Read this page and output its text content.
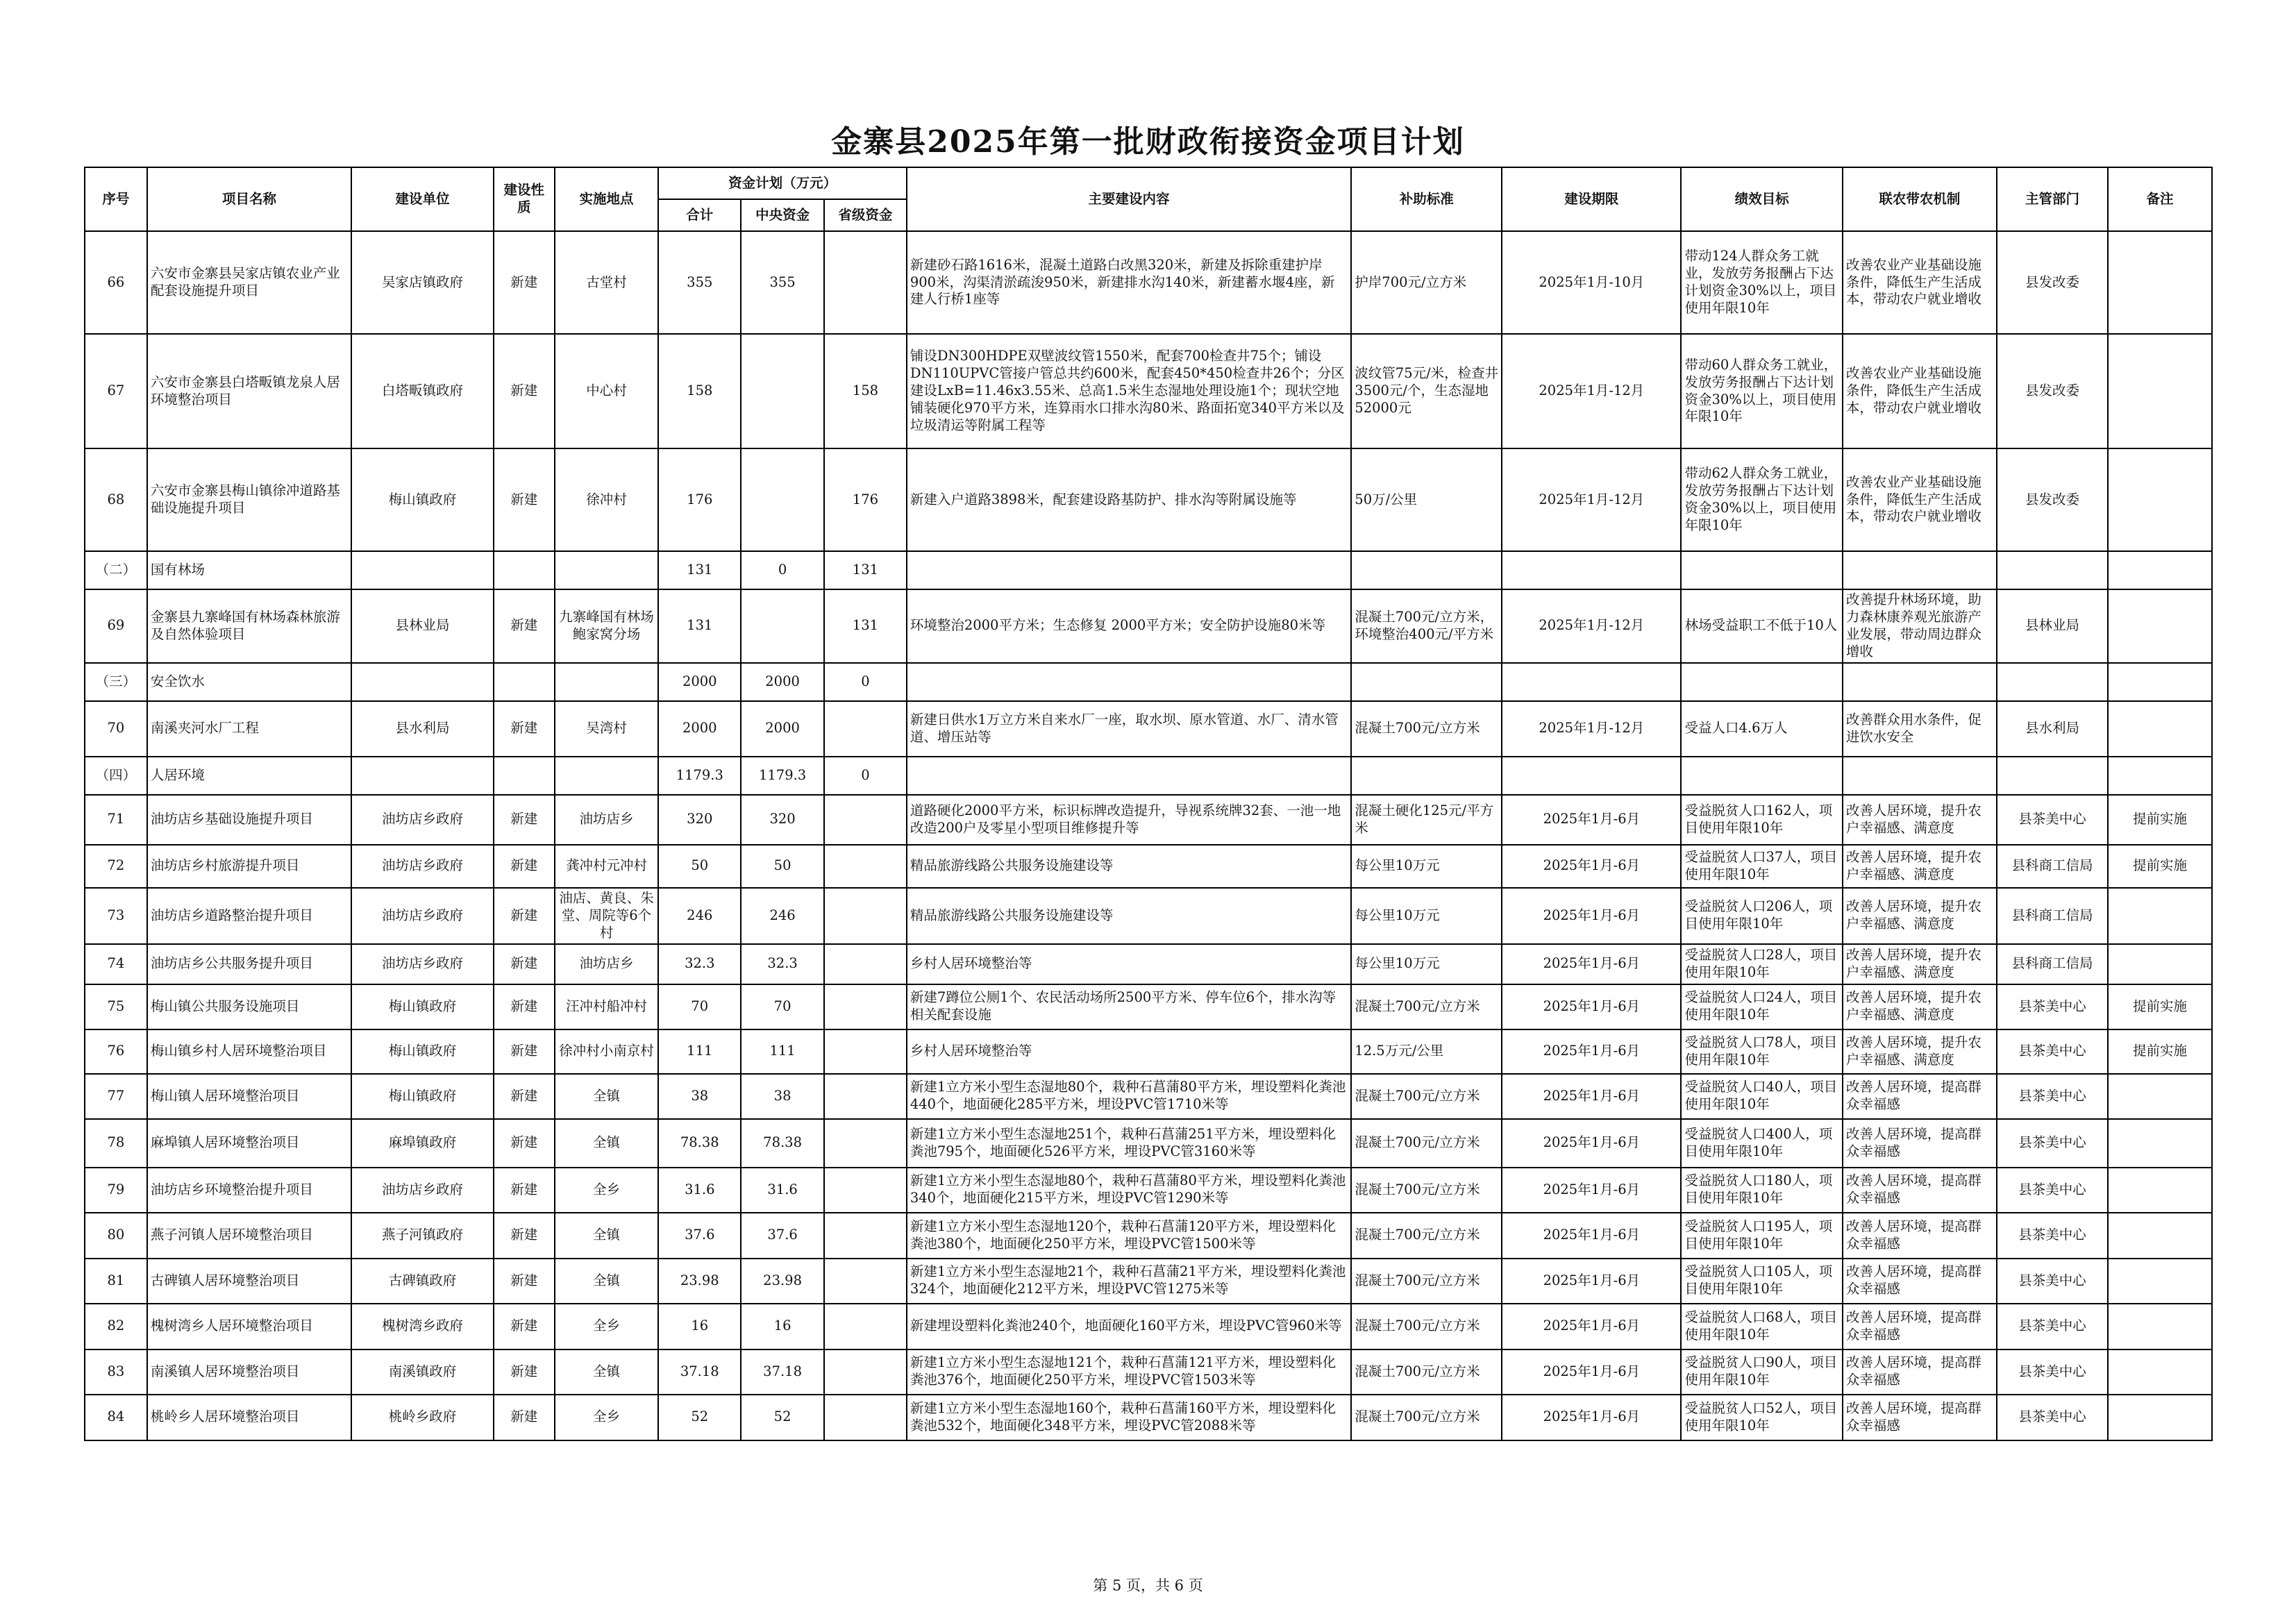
金寨县2025年第一批财政衔接资金项目计划
序号	项目名称	建设单位	建设性质	实施地点	资金计划（万元）			主要建设内容	补助标准	建设期限	绩效目标	联农带农机制	主管部门	备注
					合计	中央资金	省级资金							
66	六安市金寨县吴家店镇农业产业配套设施提升项目	吴家店镇政府	新建	古堂村	355	355		新建砂石路1616米，混凝土道路白改黑320米，新建及拆除重建护岸900米，沟渠清淤疏浚950米，新建排水沟140米，新建蓄水堰4座，新建人行桥1座等	护岸700元/立方米	2025年1月-10月	带动124人群众务工就业，发放劳务报酬占下达计划资金30%以上，项目使用年限10年	改善农业产业基础设施条件，降低生产生活成本，带动农户就业增收	县发改委	
67	六安市金寨县白塔畈镇龙泉人居环境整治项目	白塔畈镇政府	新建	中心村	158		158	铺设DN300HDPE双壁波纹管1550米，配套700检查井75个；铺设DN110UPVC管接户管总共约600米，配套450*450检查井26个；分区建设LxB=11.46x3.55米、总高1.5米生态湿地处理设施1个；现状空地铺装硬化970平方米，连算雨水口排水沟80米、路面拓宽340平方米以及垃圾清运等附属工程等	波纹管75元/米，检查井3500元/个，生态湿地52000元	2025年1月-12月	带动60人群众务工就业，发放劳务报酬占下达计划资金30%以上，项目使用年限10年	改善农业产业基础设施条件，降低生产生活成本，带动农户就业增收	县发改委	
68	六安市金寨县梅山镇徐冲道路基础设施提升项目	梅山镇政府	新建	徐冲村	176		176	新建入户道路3898米，配套建设路基防护、排水沟等附属设施等	50万/公里	2025年1月-12月	带动62人群众务工就业，发放劳务报酬占下达计划资金30%以上，项目使用年限10年	改善农业产业基础设施条件，降低生产生活成本，带动农户就业增收	县发改委	
（二）	国有林场				131	0	131							
69	金寨县九寨峰国有林场森林旅游及自然体验项目	县林业局	新建	九寨峰国有林场鲍家窝分场	131		131	环境整治2000平方米；生态修复 2000平方米；安全防护设施80米等	混凝土700元/立方米，环境整治400元/平方米	2025年1月-12月	林场受益职工不低于10人	改善提升林场环境，助力森林康养观光旅游产业发展，带动周边群众增收	县林业局	
（三）	安全饮水				2000	2000	0							
70	南溪夹河水厂工程	县水利局	新建	吴湾村	2000	2000		新建日供水1万立方米自来水厂一座，取水坝、原水管道、水厂、清水管道、增压站等	混凝土700元/立方米	2025年1月-12月	受益人口4.6万人	改善群众用水条件，促进饮水安全	县水利局	
（四）	人居环境				1179.3	1179.3	0							
71	油坊店乡基础设施提升项目	油坊店乡政府	新建	油坊店乡	320	320		道路硬化2000平方米，标识标牌改造提升，导视系统牌32套、一池一地改造200户及零星小型项目维修提升等	混凝土硬化125元/平方米	2025年1月-6月	受益脱贫人口162人，项目使用年限10年	改善人居环境，提升农户幸福感、满意度	县茶美中心	提前实施
72	油坊店乡村旅游提升项目	油坊店乡政府	新建	龚冲村元冲村	50	50		精品旅游线路公共服务设施建设等	每公里10万元	2025年1月-6月	受益脱贫人口37人，项目使用年限10年	改善人居环境，提升农户幸福感、满意度	县科商工信局	提前实施
73	油坊店乡道路整治提升项目	油坊店乡政府	新建	油店、黄良、朱堂、周院等6个村	246	246		精品旅游线路公共服务设施建设等	每公里10万元	2025年1月-6月	受益脱贫人口206人，项目使用年限10年	改善人居环境，提升农户幸福感、满意度	县科商工信局	
74	油坊店乡公共服务提升项目	油坊店乡政府	新建	油坊店乡	32.3	32.3		乡村人居环境整治等	每公里10万元	2025年1月-6月	受益脱贫人口28人，项目使用年限10年	改善人居环境，提升农户幸福感、满意度	县科商工信局	
75	梅山镇公共服务设施项目	梅山镇政府	新建	汪冲村船冲村	70	70		新建7蹲位公厕1个、农民活动场所2500平方米、停车位6个，排水沟等相关配套设施	混凝土700元/立方米	2025年1月-6月	受益脱贫人口24人，项目使用年限10年	改善人居环境，提升农户幸福感、满意度	县茶美中心	提前实施
76	梅山镇乡村人居环境整治项目	梅山镇政府	新建	徐冲村小南京村	111	111		乡村人居环境整治等	12.5万元/公里	2025年1月-6月	受益脱贫人口78人，项目使用年限10年	改善人居环境，提升农户幸福感、满意度	县茶美中心	提前实施
77	梅山镇人居环境整治项目	梅山镇政府	新建	全镇	38	38		新建1立方米小型生态湿地80个，栽种石菖蒲80平方米，埋设塑料化粪池440个，地面硬化285平方米，埋设PVC管1710米等	混凝土700元/立方米	2025年1月-6月	受益脱贫人口40人，项目使用年限10年	改善人居环境，提高群众幸福感	县茶美中心	
78	麻埠镇人居环境整治项目	麻埠镇政府	新建	全镇	78.38	78.38		新建1立方米小型生态湿地251个，栽种石菖蒲251平方米，埋设塑料化粪池795个，地面硬化526平方米，埋设PVC管3160米等	混凝土700元/立方米	2025年1月-6月	受益脱贫人口400人，项目使用年限10年	改善人居环境，提高群众幸福感	县茶美中心	
79	油坊店乡环境整治提升项目	油坊店乡政府	新建	全乡	31.6	31.6		新建1立方米小型生态湿地80个，栽种石菖蒲80平方米，埋设塑料化粪池340个，地面硬化215平方米，埋设PVC管1290米等	混凝土700元/立方米	2025年1月-6月	受益脱贫人口180人，项目使用年限10年	改善人居环境，提高群众幸福感	县茶美中心	
80	燕子河镇人居环境整治项目	燕子河镇政府	新建	全镇	37.6	37.6		新建1立方米小型生态湿地120个，栽种石菖蒲120平方米，埋设塑料化粪池380个，地面硬化250平方米，埋设PVC管1500米等	混凝土700元/立方米	2025年1月-6月	受益脱贫人口195人，项目使用年限10年	改善人居环境，提高群众幸福感	县茶美中心	
81	古碑镇人居环境整治项目	古碑镇政府	新建	全镇	23.98	23.98		新建1立方米小型生态湿地21个，栽种石菖蒲21平方米，埋设塑料化粪池324个，地面硬化212平方米，埋设PVC管1275米等	混凝土700元/立方米	2025年1月-6月	受益脱贫人口105人，项目使用年限10年	改善人居环境，提高群众幸福感	县茶美中心	
82	槐树湾乡人居环境整治项目	槐树湾乡政府	新建	全乡	16	16		新建埋设塑料化粪池240个，地面硬化160平方米，埋设PVC管960米等	混凝土700元/立方米	2025年1月-6月	受益脱贫人口68人，项目使用年限10年	改善人居环境，提高群众幸福感	县茶美中心	
83	南溪镇人居环境整治项目	南溪镇政府	新建	全镇	37.18	37.18		新建1立方米小型生态湿地121个，栽种石菖蒲121平方米，埋设塑料化粪池376个，地面硬化250平方米，埋设PVC管1503米等	混凝土700元/立方米	2025年1月-6月	受益脱贫人口90人，项目使用年限10年	改善人居环境，提高群众幸福感	县茶美中心	
84	桃岭乡人居环境整治项目	桃岭乡政府	新建	全乡	52	52		新建1立方米小型生态湿地160个，栽种石菖蒲160平方米，埋设塑料化粪池532个，地面硬化348平方米，埋设PVC管2088米等	混凝土700元/立方米	2025年1月-6月	受益脱贫人口52人，项目使用年限10年	改善人居环境，提高群众幸福感	县茶美中心	
第 5 页，共 6 页
